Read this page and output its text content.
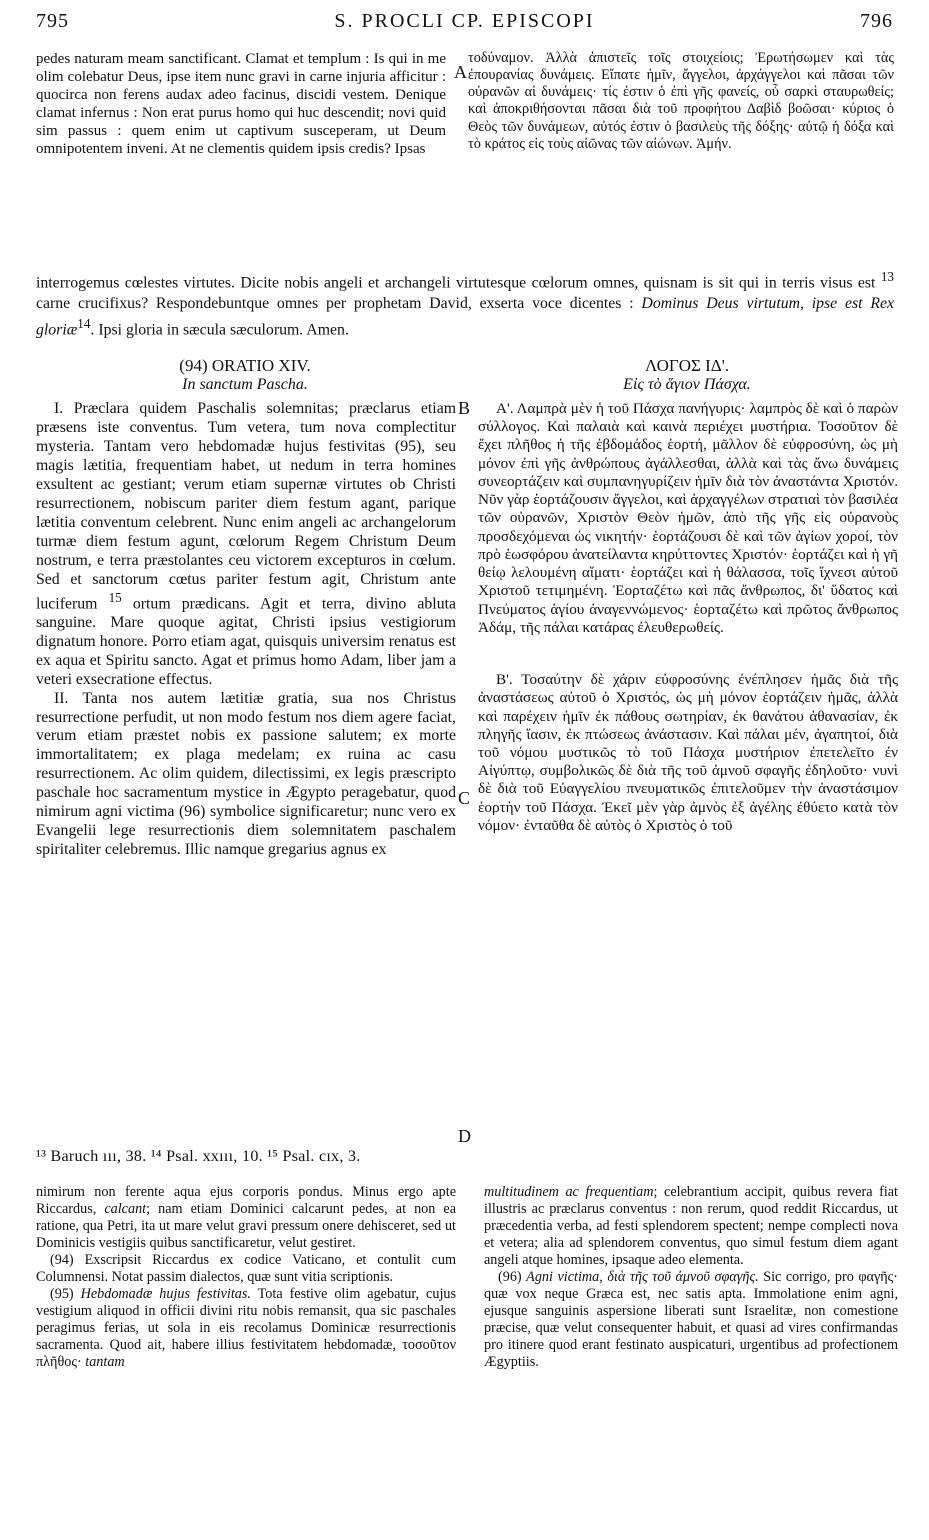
795	S. PROCLI CP. EPISCOPI	796

pedes naturam meam sanctificant. Clamat et templum : Is qui in me olim colebatur Deus, ipse item nunc gravi in carne injuria afficitur : quocirca non ferens audax adeo facinus, discidi vestem. Denique clamat infernus : Non erat purus homo qui huc descendit; novi quid sim passus : quem enim ut captivum susceperam, ut Deum omnipotentem inveni. At ne clementis quidem ipsis credis? Ipsas

A

τοδύναμον. Ἀλλὰ ἀπιστεῖς τοῖς στοιχείοις; Ἐρωτήσωμεν καὶ τὰς ἐπουρανίας δυνάμεις. Εἴπατε ἡμῖν, ἄγγελοι, ἀρχάγγελοι καὶ πᾶσαι τῶν οὐρανῶν αἱ δυνάμεις· τίς ἐστιν ὁ ἐπὶ γῆς φανείς, οὗ σαρκὶ σταυρωθείς; καὶ ἀποκριθήσονται πᾶσαι διὰ τοῦ προφήτου Δαβὶδ βοῶσαι· κύριος ὁ Θεὸς τῶν δυνάμεων, αὐτός ἐστιν ὁ βασιλεὺς τῆς δόξης· αὐτῷ ἡ δόξα καὶ τὸ κράτος εἰς τοὺς αἰῶνας τῶν αἰώνων. Ἀμήν.

interrogemus cœlestes virtutes. Dicite nobis angeli et archangeli virtutesque cœlorum omnes, quisnam is sit qui in terris visus est $^{13}$ carne crucifixus? Respondebuntque omnes per prophetam David, exserta voce dicentes : Dominus Deus virtutum, ipse est Rex gloriæ$^{14}$. Ipsi gloria in sæcula sæculorum. Amen.
(94) ORATIO XIV.
In sanctum Pascha.
ΛΟΓΟΣ ΙΔ'.
Εἰς τὸ ἅγιον Πάσχα.
B
C
D

I. Præclara quidem Paschalis solemnitas; præclarus etiam præsens iste conventus. Tum vetera, tum nova complectitur mysteria. Tantam vero hebdomadæ hujus festivitas (95), seu magis lætitia, frequentiam habet, ut nedum in terra homines exsultent ac gestiant; verum etiam supernæ virtutes ob Christi resurrectionem, nobiscum pariter diem festum agant, parique lætitia conventum celebrent. Nunc enim angeli ac archangelorum turmæ diem festum agunt, cœlorum Regem Christum Deum nostrum, e terra præstolantes ceu victorem excepturos in cœlum. Sed et sanctorum cœtus pariter festum agit, Christum ante luciferum $^{15}$ ortum prædicans. Agit et terra, divino abluta sanguine. Mare quoque agitat, Christi ipsius vestigiorum dignatum honore. Porro etiam agat, quisquis universim renatus est ex aqua et Spiritu sancto. Agat et primus homo Adam, liber jam a veteri exsecratione effectus.

II. Tanta nos autem lætitiæ gratia, sua nos Christus resurrectione perfudit, ut non modo festum nos diem agere faciat, verum etiam præstet nobis ex passione salutem; ex morte immortalitatem; ex plaga medelam; ex ruina ac casu resurrectionem. Ac olim quidem, dilectissimi, ex legis præscripto paschale hoc sacramentum mystice in Ægypto peragebatur, quod nimirum agni victima (96) symbolice significaretur; nunc vero ex Evangelii lege resurrectionis diem solemnitatem paschalem spiritaliter celebremus. Illic namque gregarius agnus ex

Α'. Λαμπρὰ μὲν ἡ τοῦ Πάσχα πανήγυρις· λαμπρὸς δὲ καὶ ὁ παρὼν σύλλογος. Καὶ παλαιὰ καὶ καινὰ περιέχει μυστήρια. Τοσοῦτον δὲ ἔχει πλῆθος ἡ τῆς ἑβδομάδος ἑορτή, μᾶλλον δὲ εὐφροσύνη, ὡς μὴ μόνον ἐπὶ γῆς ἀνθρώπους ἀγάλλεσθαι, ἀλλὰ καὶ τὰς ἄνω δυνάμεις συνεορτάζειν καὶ συμπανηγυρίζειν ἡμῖν διὰ τὸν ἀναστάντα Χριστόν. Νῦν γὰρ ἑορτάζουσιν ἄγγελοι, καὶ ἀρχαγγέλων στρατιαὶ τὸν βασιλέα τῶν οὐρανῶν, Χριστὸν Θεὸν ἡμῶν, ἀπὸ τῆς γῆς εἰς οὐρανοὺς προσδεχόμεναι ὡς νικητήν· ἑορτάζουσι δὲ καὶ τῶν ἁγίων χοροί, τὸν πρὸ ἑωσφόρου ἀνατείλαντα κηρύττοντες Χριστόν· ἑορτάζει καὶ ἡ γῆ θείῳ λελουμένη αἵματι· ἑορτάζει καὶ ἡ θάλασσα, τοῖς ἴχνεσι αὐτοῦ Χριστοῦ τετιμημένη. Ἑορταζέτω καὶ πᾶς ἄνθρωπος, δι' ὕδατος καὶ Πνεύματος ἁγίου ἀναγεννώμενος· ἑορταζέτω καὶ πρῶτος ἄνθρωπος Ἀδάμ, τῆς πάλαι κατάρας ἐλευθερωθείς.

Β'. Τοσαύτην δὲ χάριν εὐφροσύνης ἐνέπλησεν ἡμᾶς διὰ τῆς ἀναστάσεως αὐτοῦ ὁ Χριστός, ὡς μὴ μόνον ἑορτάζειν ἡμᾶς, ἀλλὰ καὶ παρέχειν ἡμῖν ἐκ πάθους σωτηρίαν, ἐκ θανάτου ἀθανασίαν, ἐκ πληγῆς ἴασιν, ἐκ πτώσεως ἀνάστασιν. Καὶ πάλαι μέν, ἀγαπητοί, διὰ τοῦ νόμου μυστικῶς τὸ τοῦ Πάσχα μυστήριον ἐπετελεῖτο ἐν Αἰγύπτῳ, συμβολικῶς δὲ διὰ τῆς τοῦ ἀμνοῦ σφαγῆς ἐδηλοῦτο· νυνὶ δὲ διὰ τοῦ Εὐαγγελίου πνευματικῶς ἐπιτελοῦμεν τὴν ἀναστάσιμον ἑορτὴν τοῦ Πάσχα. Ἐκεῖ μὲν γὰρ ἀμνὸς ἐξ ἀγέλης ἐθύετο κατὰ τὸν νόμον· ἐνταῦθα δὲ αὐτὸς ὁ Χριστὸς ὁ τοῦ

¹³ Baruch ııı, 38. ¹⁴ Psal. xxııı, 10. ¹⁵ Psal. cıx, 3.

nimirum non ferente aqua ejus corporis pondus. Minus ergo apte Riccardus, calcant; nam etiam Dominici calcarunt pedes, at non ea ratione, qua Petri, ita ut mare velut gravi pressum onere dehisceret, sed ut Dominicis vestigiis quibus sanctificaretur, velut gestiret.

(94) Exscripsit Riccardus ex codice Vaticano, et contulit cum Columnensi. Notat passim dialectos, quæ sunt vitia scriptionis.

(95) Hebdomadæ hujus festivitas. Tota festive olim agebatur, cujus vestigium aliquod in officii divini ritu nobis remansit, qua sic paschales peragimus ferias, ut sola in eis recolamus Dominicæ resurrectionis sacramenta. Quod ait, habere illius festivitatem hebdomadæ, τοσοῦτον πλῆθος· tantam

multitudinem ac frequentiam; celebrantium accipit, quibus revera fiat illustris ac præclarus conventus : non rerum, quod reddit Riccardus, ut præcedentia verba, ad festi splendorem spectent; nempe complecti nova et vetera; alia ad splendorem conventus, quo simul festum diem agant angeli atque homines, ipsaque adeo elementa.

(96) Agni victima, διὰ τῆς τοῦ ἀμνοῦ σφαγῆς. Sic corrigo, pro φαγῆς· quæ vox neque Græca est, nec satis apta. Immolatione enim agni, ejusque sanguinis aspersione liberati sunt Israelitæ, non comestione præcise, quæ velut consequenter habuit, et quasi ad vires confirmandas pro itinere quod erant festinato auspicaturi, urgentibus ad profectionem Ægyptiis.
